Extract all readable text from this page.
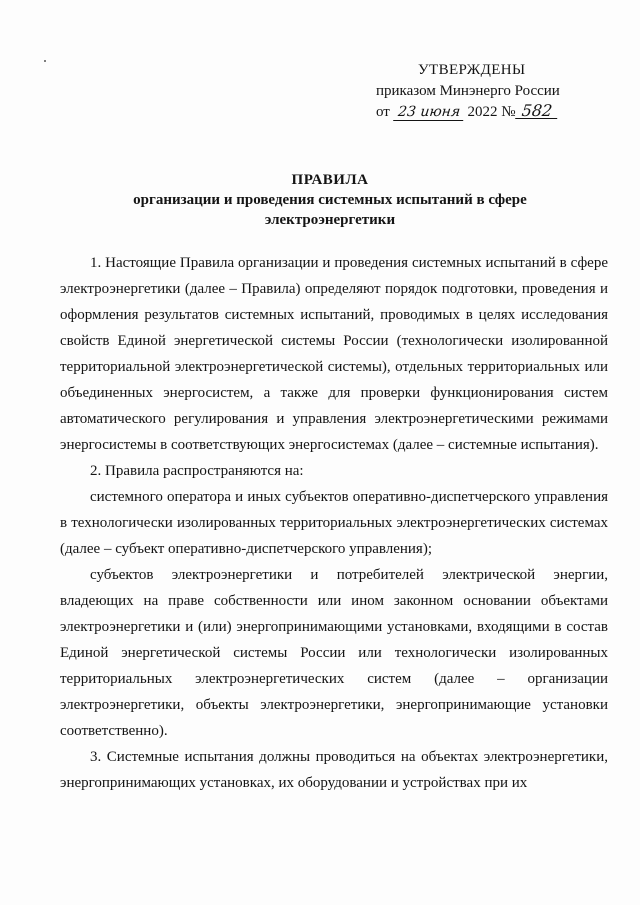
УТВЕРЖДЕНЫ
приказом Минэнерго России
от 23 июня 2022 № 582
ПРАВИЛА
организации и проведения системных испытаний в сфере
электроэнергетики

1. Настоящие Правила организации и проведения системных испытаний в сфере электроэнергетики (далее – Правила) определяют порядок подготовки, проведения и оформления результатов системных испытаний, проводимых в целях исследования свойств Единой энергетической системы России (технологически изолированной территориальной электроэнергетической системы), отдельных территориальных или объединенных энергосистем, а также для проверки функционирования систем автоматического регулирования и управления электроэнергетическими режимами энергосистемы в соответствующих энергосистемах (далее – системные испытания).

2. Правила распространяются на:

системного оператора и иных субъектов оперативно-диспетчерского управления в технологически изолированных территориальных электроэнергетических системах (далее – субъект оперативно-диспетчерского управления);

субъектов электроэнергетики и потребителей электрической энергии, владеющих на праве собственности или ином законном основании объектами электроэнергетики и (или) энергопринимающими установками, входящими в состав Единой энергетической системы России или технологически изолированных территориальных электроэнергетических систем (далее – организации электроэнергетики, объекты электроэнергетики, энергопринимающие установки соответственно).

3. Системные испытания должны проводиться на объектах электроэнергетики, энергопринимающих установках, их оборудовании и устройствах при их
